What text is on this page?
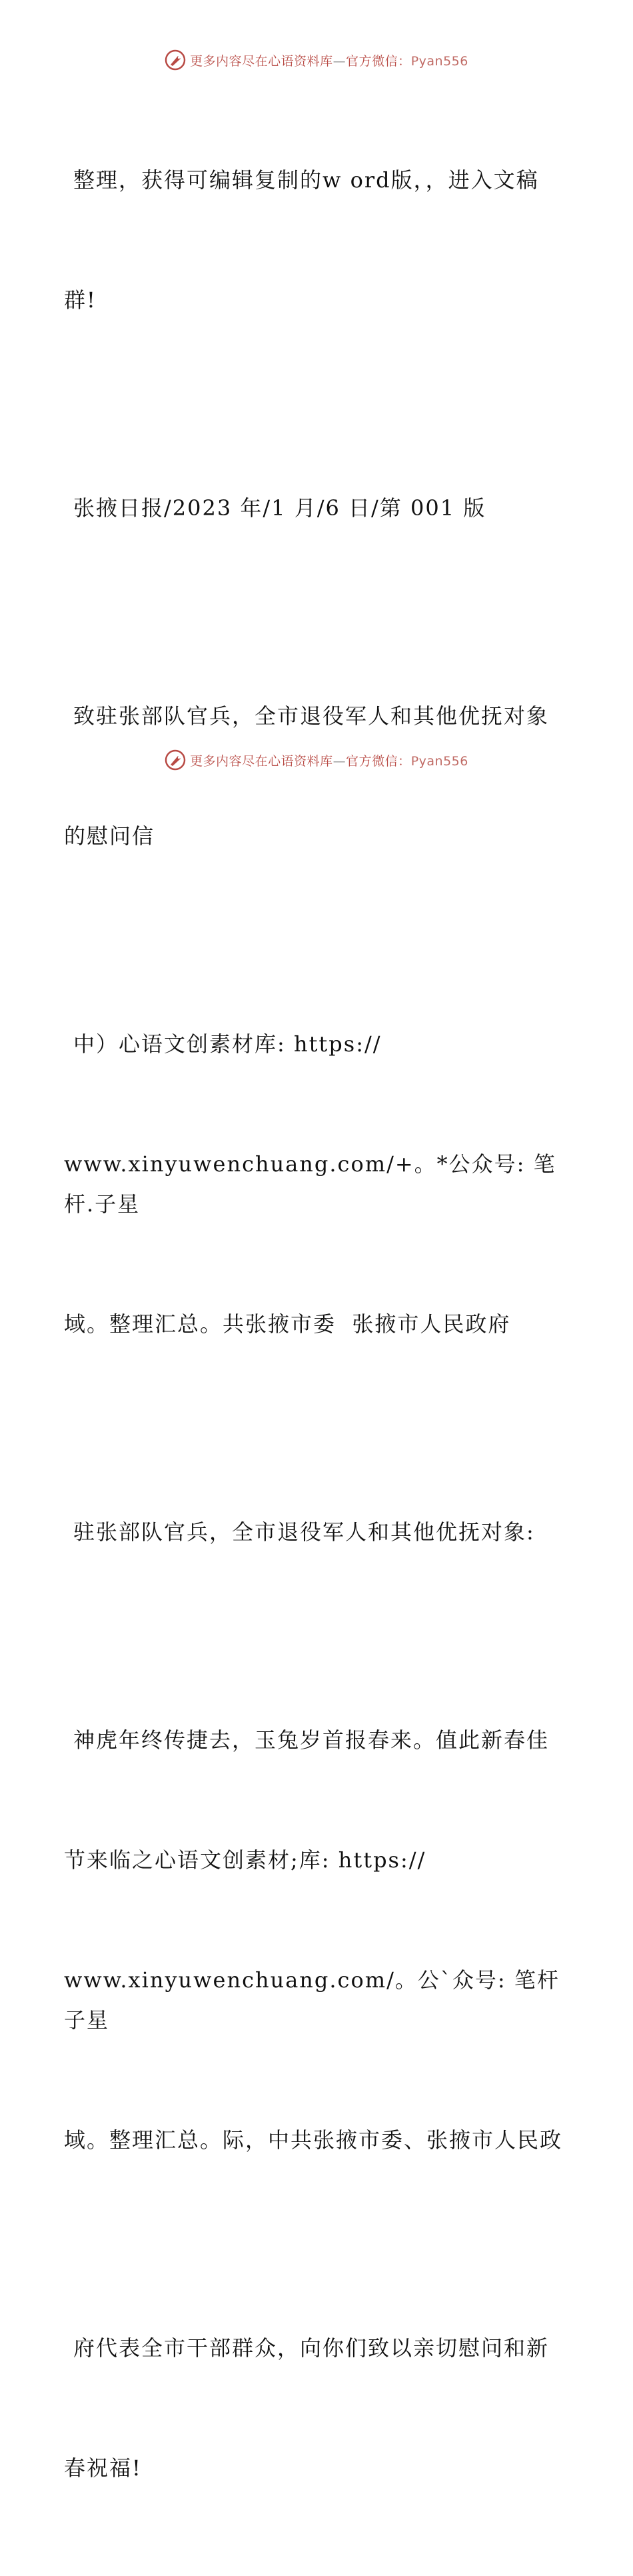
更多内容尽在心语资料库—官方微信：Pyan556

整理，获得可编辑复制的w ord版，，进入文稿

群!

张掖日报/2023 年/1 月/6 日/第 001 版

致驻张部队官兵，全市退役军人和其他优抚对象

的慰问信

中）心语文创素材库: https://

www.xinyuwenchuang.com/+。*公众号: 笔杆.子星

域。整理汇总。共张掖市委  张掖市人民政府

驻张部队官兵，全市退役军人和其他优抚对象:

神虎年终传捷去，玉兔岁首报春来。值此新春佳

节来临之心语文创素材;库: https://

www.xinyuwenchuang.com/。公`众号: 笔杆子星

域。整理汇总。际，中共张掖市委、张掖市人民政

府代表全市干部群众，向你们致以亲切慰问和新

春祝福!

更多内容尽在心语资料库—官方微信：Pyan556
